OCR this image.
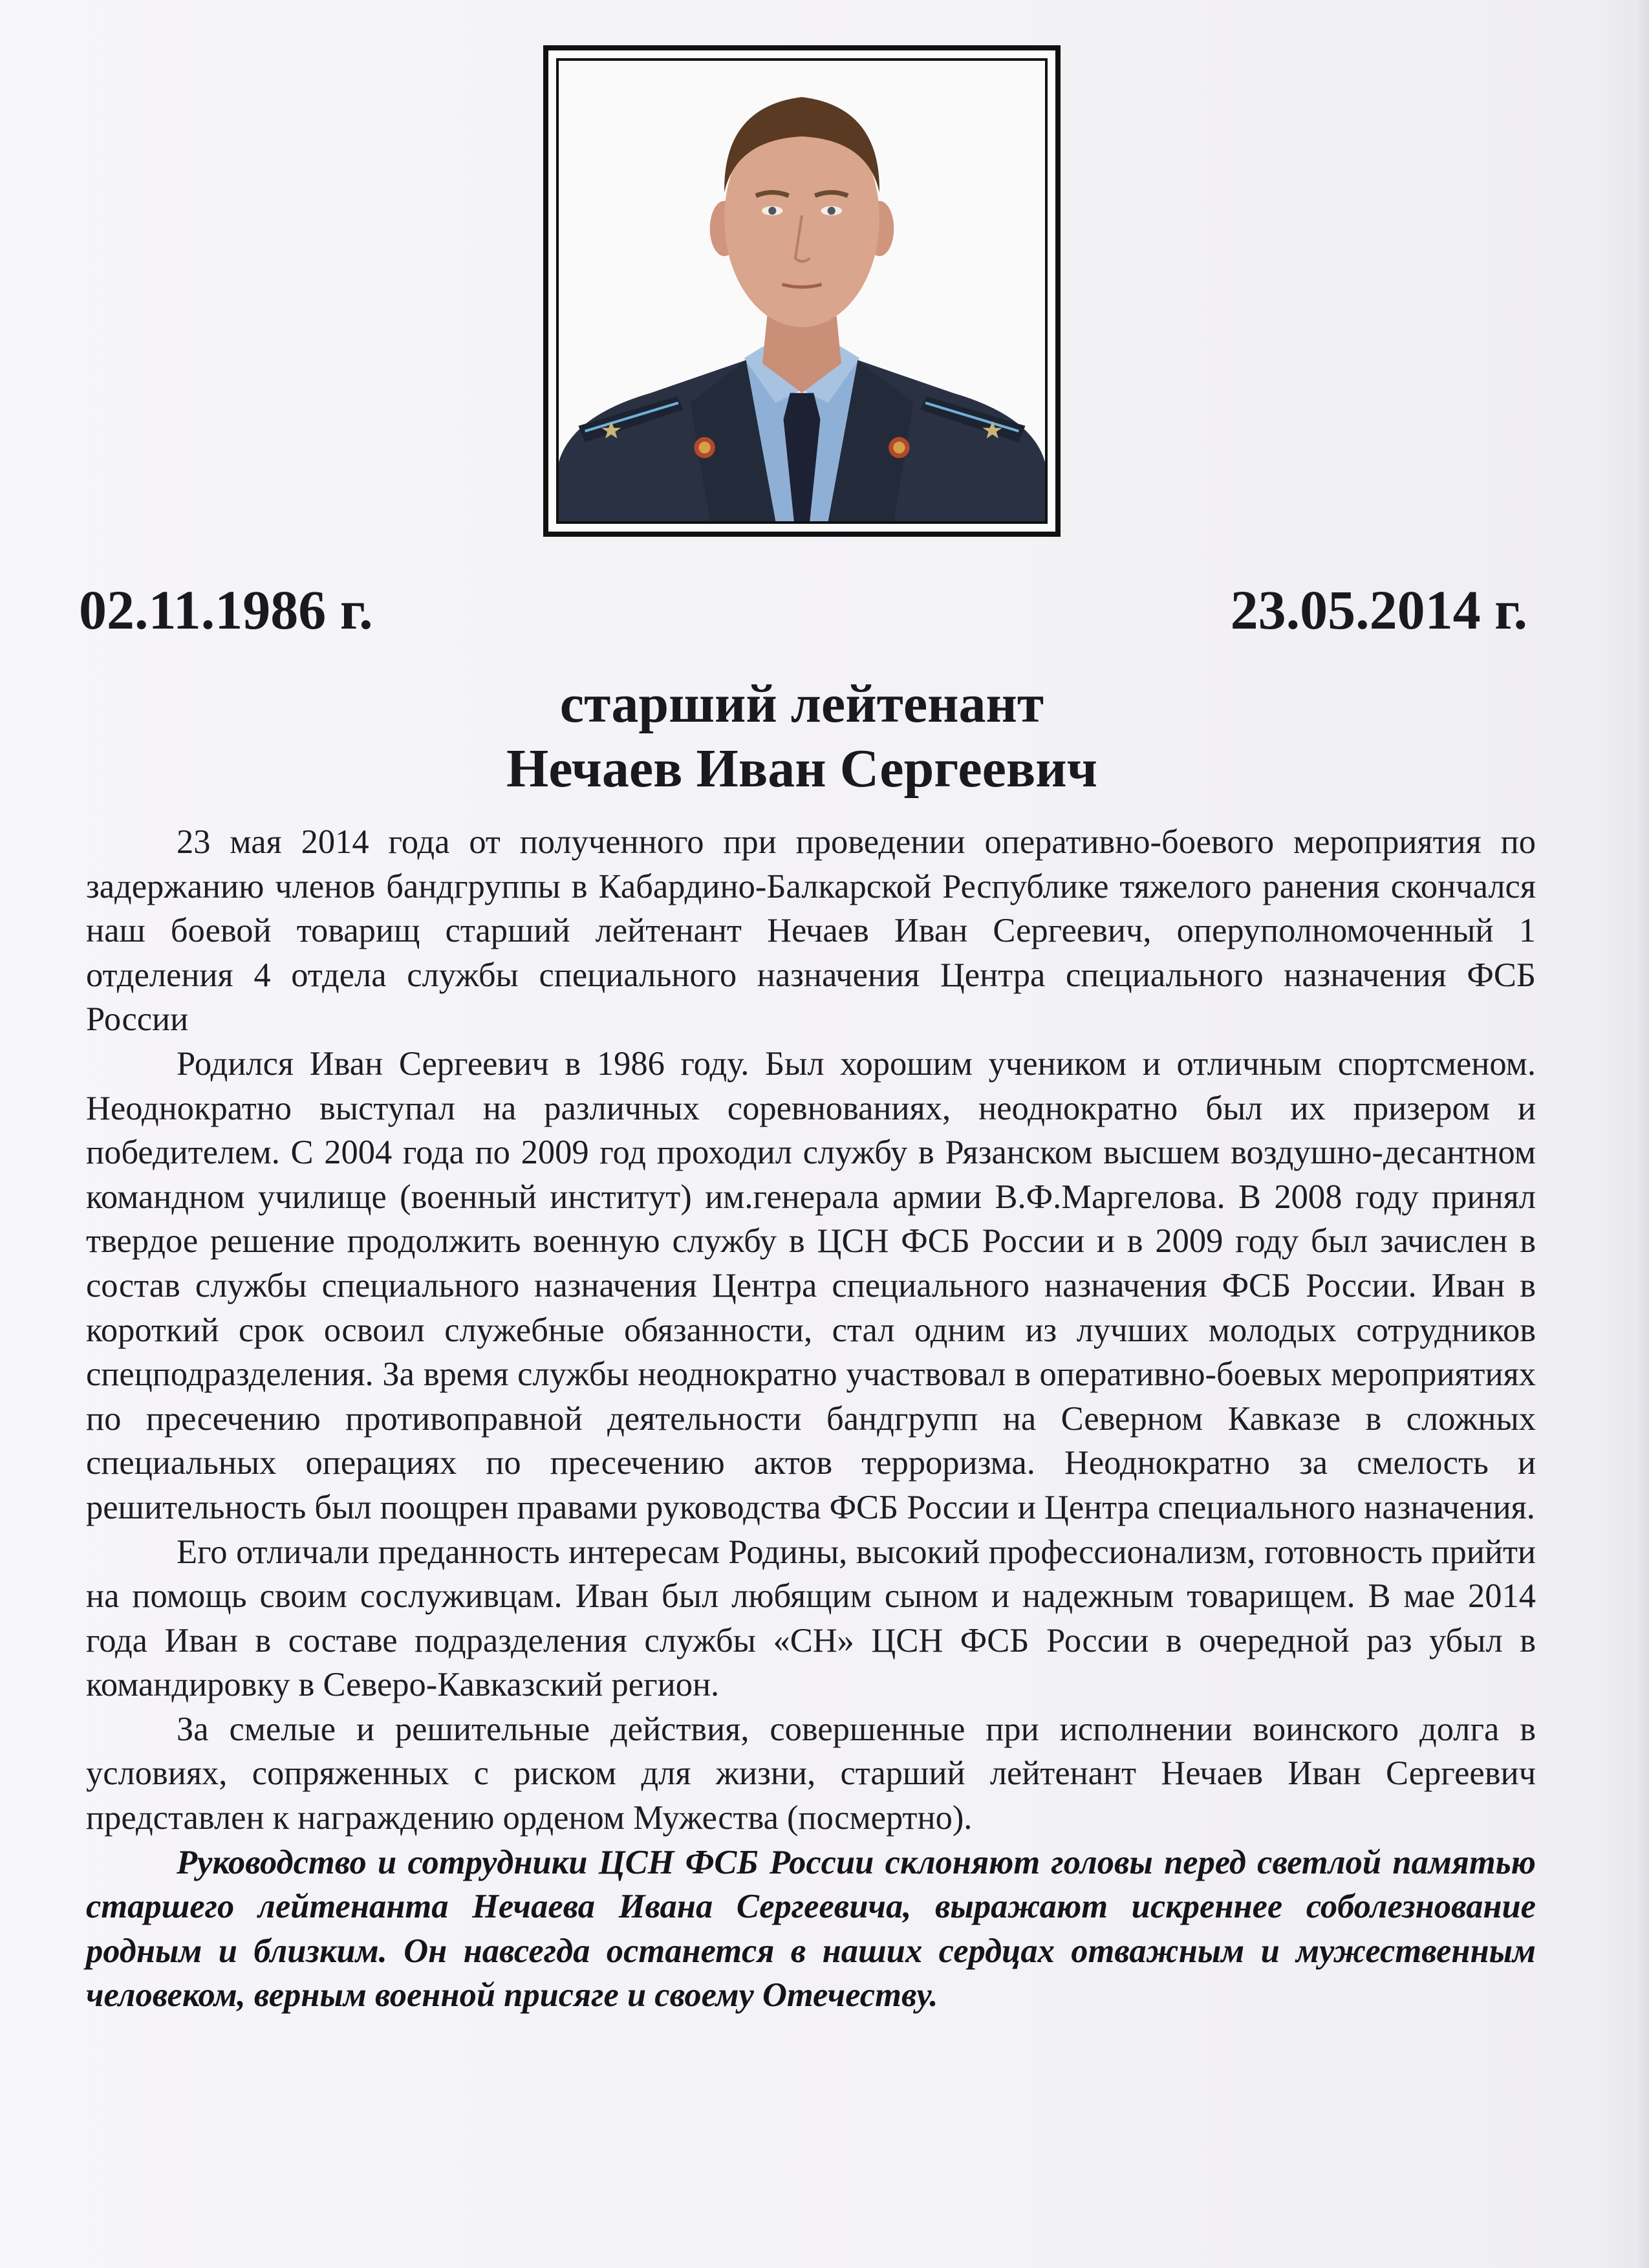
02.11.1986 г.	23.05.2014 г.
старший лейтенант
Нечаев Иван Сергеевич

23 мая 2014 года от полученного при проведении оперативно-боевого мероприятия по задержанию членов бандгруппы в Кабардино-Балкарской Республике тяжелого ранения скончался наш боевой товарищ старший лейтенант Нечаев Иван Сергеевич, оперуполномоченный 1 отделения 4 отдела службы специального назначения Центра специального назначения ФСБ России

Родился Иван Сергеевич в 1986 году. Был хорошим учеником и отличным спортсменом. Неоднократно выступал на различных соревнованиях, неоднократно был их призером и победителем. С 2004 года по 2009 год проходил службу в Рязанском высшем воздушно-десантном командном училище (военный институт) им.генерала армии В.Ф.Маргелова. В 2008 году принял твердое решение продолжить военную службу в ЦСН ФСБ России и в 2009 году был зачислен в состав службы специального назначения Центра специального назначения ФСБ России. Иван в короткий срок освоил служебные обязанности, стал одним из лучших молодых сотрудников спецподразделения. За время службы неоднократно участвовал в оперативно-боевых мероприятиях по пресечению противоправной деятельности бандгрупп на Северном Кавказе в сложных специальных операциях по пресечению актов терроризма. Неоднократно за смелость и решительность был поощрен правами руководства ФСБ России и Центра специального назначения.

Его отличали преданность интересам Родины, высокий профессионализм, готовность прийти на помощь своим сослуживцам. Иван был любящим сыном и надежным товарищем. В мае 2014 года Иван в составе подразделения службы «СН» ЦСН ФСБ России в очередной раз убыл в командировку в Северо-Кавказский регион.

За смелые и решительные действия, совершенные при исполнении воинского долга в условиях, сопряженных с риском для жизни, старший лейтенант Нечаев Иван Сергеевич представлен к награждению орденом Мужества (посмертно).

Руководство и сотрудники ЦСН ФСБ России склоняют головы перед светлой памятью старшего лейтенанта Нечаева Ивана Сергеевича, выражают искреннее соболезнование родным и близким. Он навсегда останется в наших сердцах отважным и мужественным человеком, верным военной присяге и своему Отечеству.
